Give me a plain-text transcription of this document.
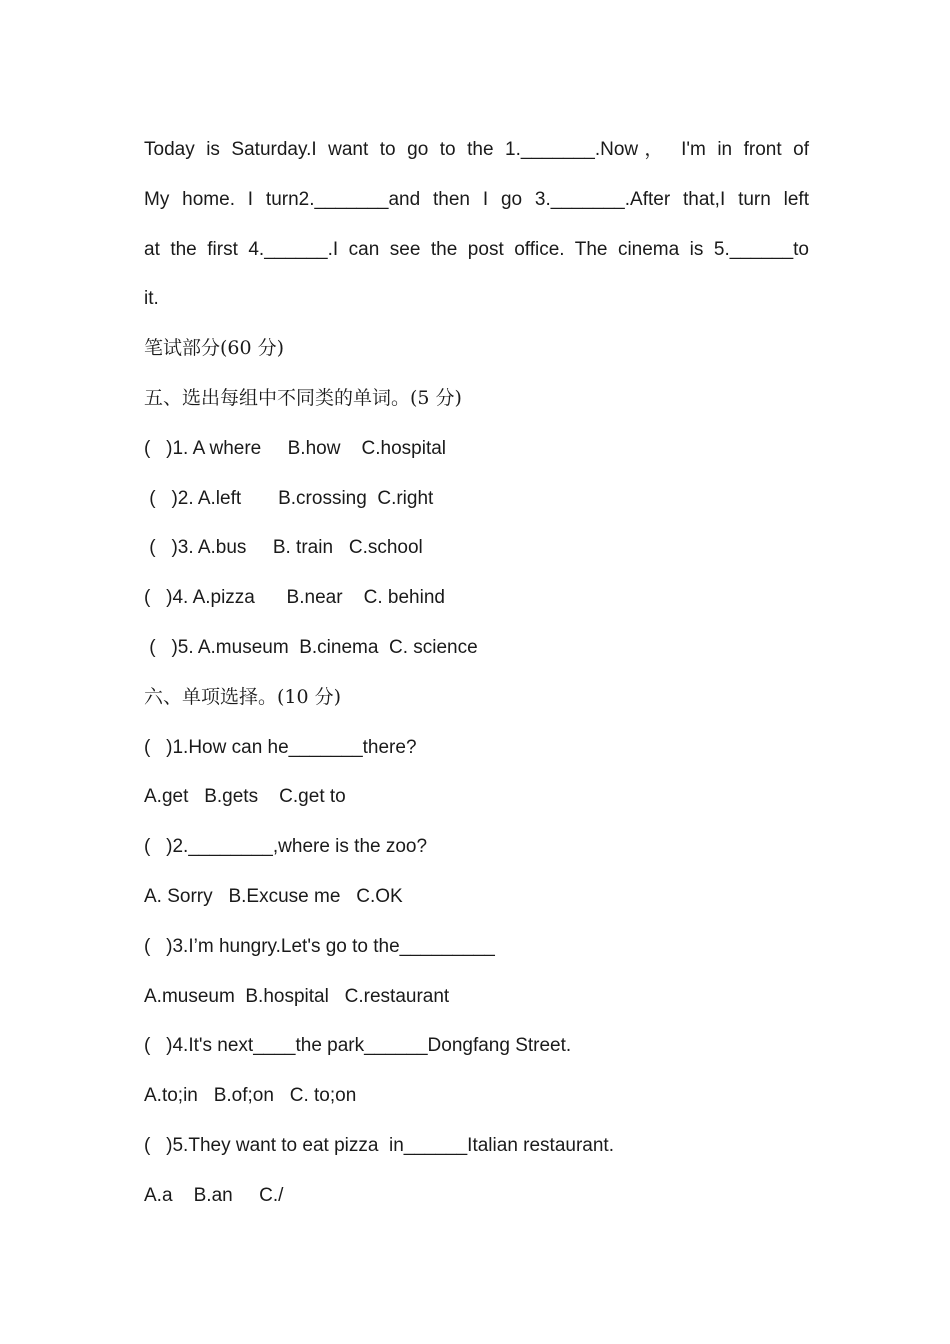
Today is Saturday.I want to go to the 1._______.Now， I'm in front of
My home. I turn2._______and then I go 3._______.After that,I turn left
at the first 4.______.I can see the post office. The cinema is 5.______to
it.
笔试部分(60 分)
五、选出每组中不同类的单词。(5 分)
(   )1. A where     B.how    C.hospital
(   )2. A.left       B.crossing  C.right
(   )3. A.bus     B. train   C.school
(   )4. A.pizza      B.near    C. behind
(   )5. A.museum  B.cinema  C. science
六、单项选择。(10 分)
(   )1.How can he_______there?
A.get   B.gets    C.get to
(   )2.________,where is the zoo?
A. Sorry   B.Excuse me   C.OK
(   )3.I’m hungry.Let's go to the_________
A.museum  B.hospital   C.restaurant
(   )4.It's next____the park______Dongfang Street.
A.to;in   B.of;on   C. to;on
(   )5.They want to eat pizza  in______Italian restaurant.
A.a    B.an     C./
